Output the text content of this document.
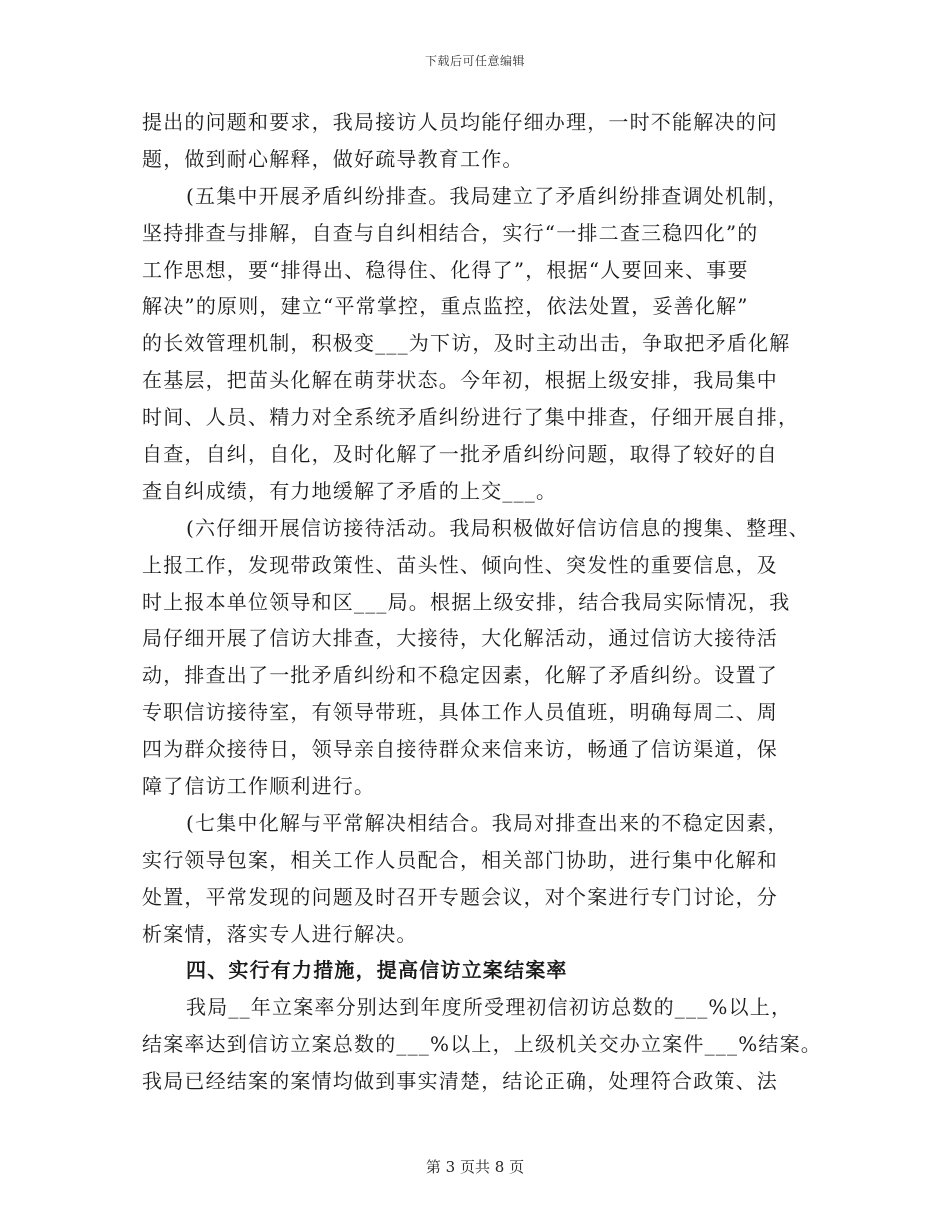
下载后可任意编辑
提出的问题和要求，我局接访人员均能仔细办理，一时不能解决的问
题，做到耐心解释，做好疏导教育工作。
(五集中开展矛盾纠纷排查。我局建立了矛盾纠纷排查调处机制，
坚持排查与排解，自查与自纠相结合，实行“一排二查三稳四化”的
工作思想，要“排得出、稳得住、化得了”，根据“人要回来、事要
解决”的原则，建立“平常掌控，重点监控，依法处置，妥善化解”
的长效管理机制，积极变___为下访，及时主动出击，争取把矛盾化解
在基层，把苗头化解在萌芽状态。今年初，根据上级安排，我局集中
时间、人员、精力对全系统矛盾纠纷进行了集中排查，仔细开展自排，
自查，自纠，自化，及时化解了一批矛盾纠纷问题，取得了较好的自
查自纠成绩，有力地缓解了矛盾的上交___。
(六仔细开展信访接待活动。我局积极做好信访信息的搜集、整理、
上报工作，发现带政策性、苗头性、倾向性、突发性的重要信息，及
时上报本单位领导和区___局。根据上级安排，结合我局实际情况，我
局仔细开展了信访大排查，大接待，大化解活动，通过信访大接待活
动，排查出了一批矛盾纠纷和不稳定因素，化解了矛盾纠纷。设置了
专职信访接待室，有领导带班，具体工作人员值班，明确每周二、周
四为群众接待日，领导亲自接待群众来信来访，畅通了信访渠道，保
障了信访工作顺利进行。
(七集中化解与平常解决相结合。我局对排查出来的不稳定因素，
实行领导包案，相关工作人员配合，相关部门协助，进行集中化解和
处置，平常发现的问题及时召开专题会议，对个案进行专门讨论，分
析案情，落实专人进行解决。
四、实行有力措施，提高信访立案结案率
我局__年立案率分别达到年度所受理初信初访总数的___%以上，
结案率达到信访立案总数的___%以上，上级机关交办立案件___%结案。
我局已经结案的案情均做到事实清楚，结论正确，处理符合政策、法
第 3 页共 8 页
